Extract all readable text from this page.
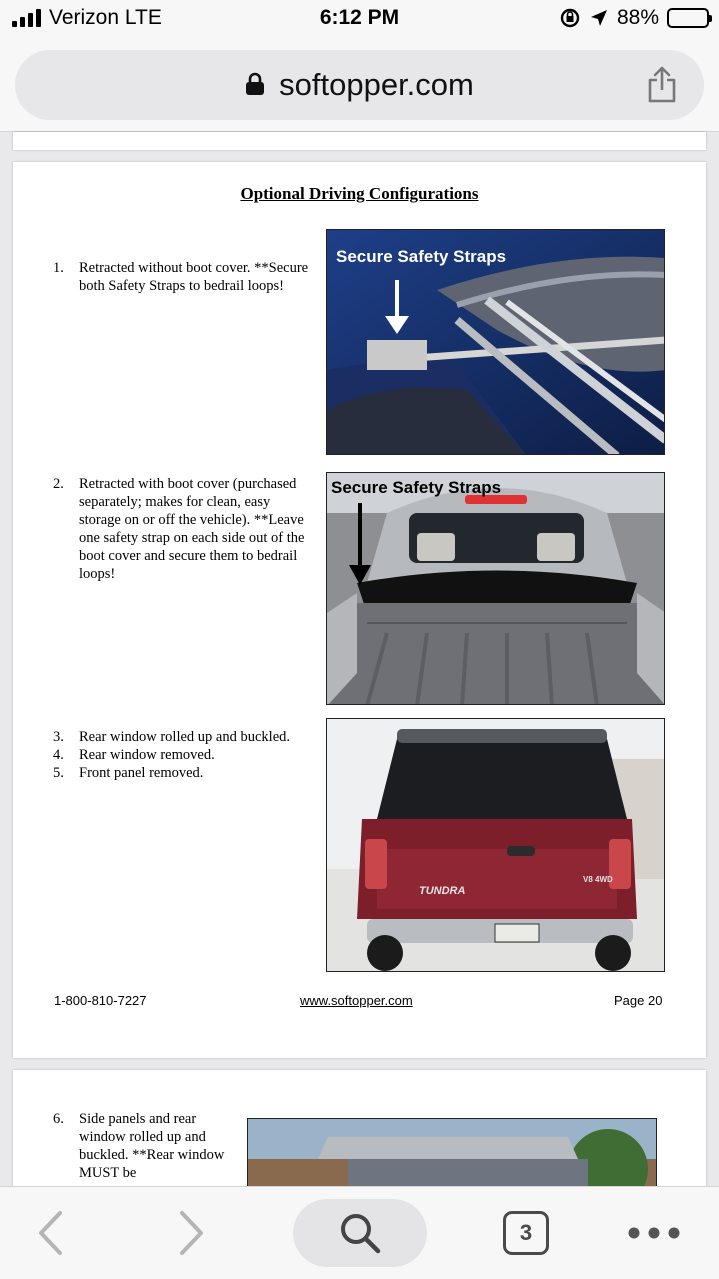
Verizon
LTE	6:12 PM	88%
softopper.com
Optional Driving Configurations
1.	Retracted without boot cover. **Secure both Safety Straps to bedrail loops!
Secure Safety Straps
2.	Retracted with boot cover (purchased separately; makes for clean, easy storage on or off the vehicle). **Leave one safety strap on each side out of the boot cover and secure them to bedrail loops!
Secure Safety Straps
3.	Rear window rolled up and buckled.
4.	Rear window removed.
5.	Front panel removed.
TUNDRA
V8 4WD
1-800-810-7227	www.softopper.com	Page 20
6.	Side panels and rear window rolled up and buckled. **Rear window MUST be
3
